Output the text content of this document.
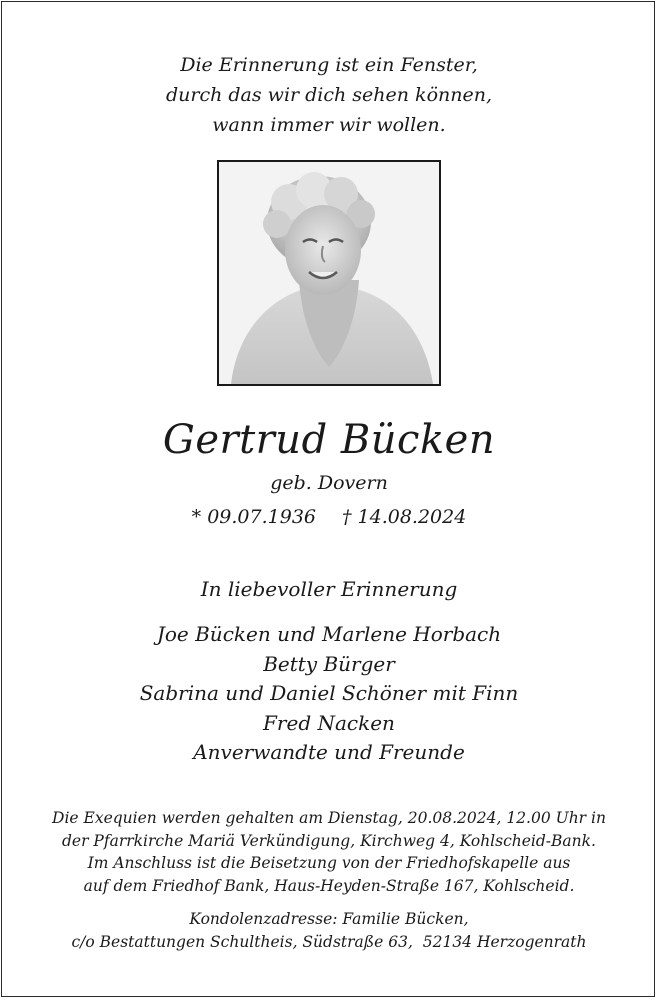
Die Erinnerung ist ein Fenster,
durch das wir dich sehen können,
wann immer wir wollen.
Gertrud Bücken
geb. Dovern
* 09.07.1936 † 14.08.2024
In liebevoller Erinnerung
Joe Bücken und Marlene Horbach
Betty Bürger
Sabrina und Daniel Schöner mit Finn
Fred Nacken
Anverwandte und Freunde
Die Exequien werden gehalten am Dienstag, 20.08.2024, 12.00 Uhr in
der Pfarrkirche Mariä Verkündigung, Kirchweg 4, Kohlscheid-Bank.
Im Anschluss ist die Beisetzung von der Friedhofskapelle aus
auf dem Friedhof Bank, Haus-Heyden-Straße 167, Kohlscheid.
Kondolenzadresse: Familie Bücken,
c/o Bestattungen Schultheis, Südstraße 63,  52134 Herzogenrath
